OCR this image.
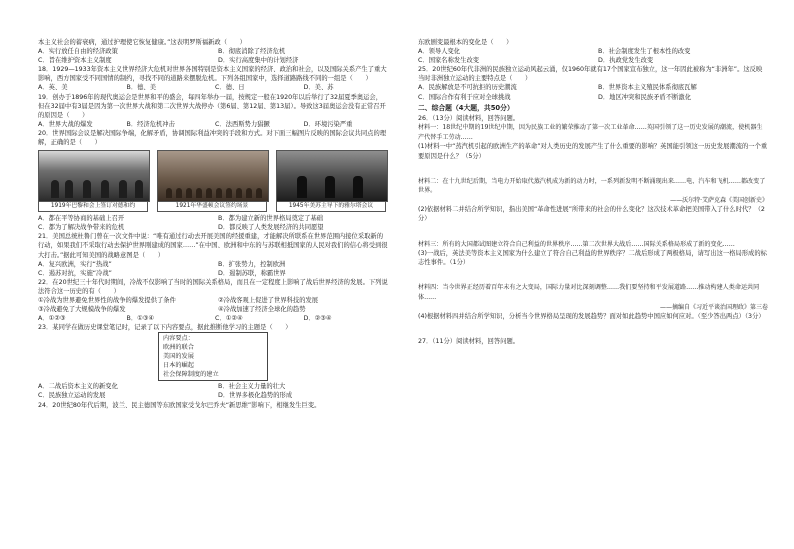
本主义社会的蓄衰病，通过护理使它恢复健康。”这表明罗斯福新政（　　）

A．实行放任自由的经济政策	B．彻底消除了经济危机
C．旨在维护资本主义制度	D．实行高度集中的计划经济

18．1929—1933年资本主义世界经济大危机对世界各国特别是资本主义国家的经济、政治和社会，以及国际关系产生了重大影响，西方国家受不同国情的制约，寻找不同的道路来摆脱危机。下列各组国家中，选择道路路线不同的一组是（　　）

A．英、美	B．德、美	C．德、日	D．美、苏

19．创办于1896年的现代奥运会是世界和平的盛会，每四年举办一届，按规定一般在1920年以后举行了32届夏季奥运会，但在32届中有3届是因为第一次世界大战和第二次世界大战停办（第6届、第12届、第13届）。导致这3届奥运会没有正常召开的原因是（　　）

A．世界大战的爆发	B．经济危机冲击	C．法西斯势力猖獗	D．环境污染严重

20．世界国际会议是解决国际争端，化解矛盾，协调国际利益冲突的手段和方式。对下面三幅图片反映的国际会议共同点的理解，正确的是（　　）

1919年巴黎和会上签订对德和约	1921年华盛顿会议签约场景	1945年美苏主导下的雅尔塔会议
A．都在平等协商的基础上召开	B．都为建立新的世界格局奠定了基础
C．都为了解决战争带来的危机	D．都反映了人类发展经济的共同愿望

21．美国总统杜鲁门曾在一次文件中说：“唯有通过行动去开展美国的经援重建，才能解决所联系在世界范围内接位采取新的行动，如果我们不采取行动去保护世界刚建成的国家……”在中国、欧洲和中东的与苏联相抵国家的人民对我们的信心将受到很大打击。”据此可知美国的战略意图是（　　）

A．复兴欧洲，实行“热战”	B．扩张势力，控制欧洲
C．遏苏对抗，实施“冷战”	D．遏制苏联，称霸世界

22．在20世纪三十年代时期间，冷战不仅影响了当时的国际关系格局，而且在一定程度上影响了战后世界经济的发展。下列说法符合这一历史的有（　　）

①冷战为世界避免世界性的战争的爆发提供了条件	②冷战客观上促进了世界科技的发展
③冷战避免了大规模战争的爆发	④冷战加速了经济全球化的趋势
A．①②③	B．①③④	C．①②④	D．②③④

23．某同学在做历史课堂笔记时，记录了以下内容要点，据此推断他学习的主题是（　　）

内容要点：
欧洲的联合
美国的发展
日本的崛起
社会保障制度的建立
A．二战后资本主义的新变化	B．社会主义力量的壮大
C．民族独立运动的发展	D．世界多极化趋势的形成

24．20世纪80年代后期，波兰、民主德国等东欧国家受戈尔巴乔夫“新思维”影响下，相继发生巨变。

东欧剧变最根本的变化是（　　）

A．领导人变化	B．社会制度发生了根本性的改变
C．国家名称发生改变	D．执政党发生改变

25．20世纪60年代非洲的民族独立运动风起云涌，仅1960年就有17个国家宣布独立，这一年因此被称为“非洲年”。这反映当时非洲独立运动的主要特点是（　　）

A．民族解放是不可抗拒的历史潮流	B．世界资本主义殖民体系彻底瓦解
C．国际合作有利于应对全球挑战	D．地区冲突和民族矛盾不断激化
二、综合题（4大题，共50分）

26．（13分）阅读材料，回答问题。

材料一：18世纪中期的19世纪中期，因为民族工业的繁荣推动了第一次工业革命……英国引领了这一历史发展的潮流，使机器生产代替手工劳动……

(1)材料一中“蒸汽机引起的欧洲生产的革命”对人类历史的发展产生了什么重要的影响？英国能引领这一历史发展潮流的一个重要原因是什么？（5分）

材料二：在十九世纪后期，当电力开始取代蒸汽机成为新的动力时，一系列新发明不断涌现出来……电、汽车和飞机……都改变了世界。

——沃尔特·艾萨克森《美国创新史》

(2)依据材料二并结合所学知识，指出美国“革命性进展”所带来的社会的什么变化？这次技术革命把美国带入了什么时代？（2分）

材料三：所有的大国都试图建立符合自己利益的世界秩序……第二次世界大战后……国际关系格局形成了新的变化……

(3)一战后，英法美等资本主义国家为什么建立了符合自己利益的世界秩序？二战后形成了两极格局，请写出这一格局形成的标志性事件。（1分）

材料四：当今世界正经历着百年未有之大变局，国际力量对比深刻调整……我们要坚持和平发展道路……推动构建人类命运共同体……

——摘编自《习近平谈治国理政》第三卷

(4)根据材料四并结合所学知识，分析当今世界格局呈现的发展趋势？面对如此趋势中国应如何应对。（至少答出两点）（3分）

27．（11分）阅读材料，回答问题。
